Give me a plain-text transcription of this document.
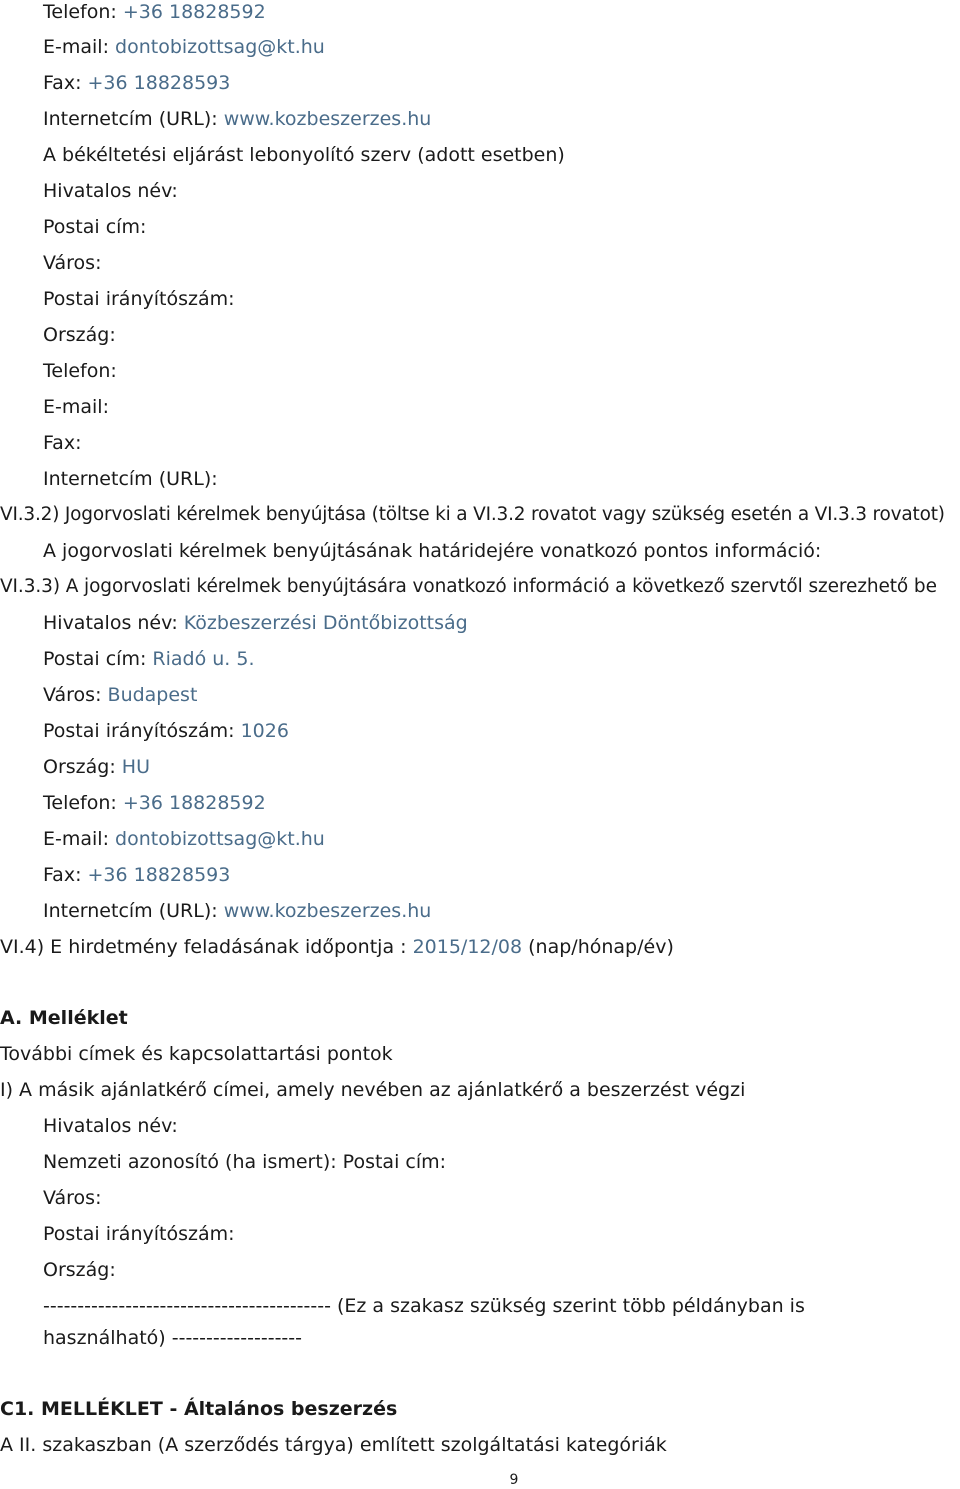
Telefon: +36 18828592
E-mail: dontobizottsag@kt.hu
Fax: +36 18828593
Internetcím (URL): www.kozbeszerzes.hu
A békéltetési eljárást lebonyolító szerv (adott esetben)
Hivatalos név:
Postai cím:
Város:
Postai irányítószám:
Ország:
Telefon:
E-mail:
Fax:
Internetcím (URL):
VI.3.2) Jogorvoslati kérelmek benyújtása (töltse ki a VI.3.2 rovatot vagy szükség esetén a VI.3.3 rovatot)
A jogorvoslati kérelmek benyújtásának határidejére vonatkozó pontos információ:
VI.3.3) A jogorvoslati kérelmek benyújtására vonatkozó információ a következő szervtől szerezhető be
Hivatalos név: Közbeszerzési Döntőbizottság
Postai cím: Riadó u. 5.
Város: Budapest
Postai irányítószám: 1026
Ország: HU
Telefon: +36 18828592
E-mail: dontobizottsag@kt.hu
Fax: +36 18828593
Internetcím (URL): www.kozbeszerzes.hu
VI.4) E hirdetmény feladásának időpontja : 2015/12/08 (nap/hónap/év)
A. Melléklet
További címek és kapcsolattartási pontok
I) A másik ajánlatkérő címei, amely nevében az ajánlatkérő a beszerzést végzi
Hivatalos név:
Nemzeti azonosító (ha ismert): Postai cím:
Város:
Postai irányítószám:
Ország:
------------------------------------------ (Ez a szakasz szükség szerint több példányban is
használható) -------------------
C1. MELLÉKLET - Általános beszerzés
A II. szakaszban (A szerződés tárgya) említett szolgáltatási kategóriák
9
